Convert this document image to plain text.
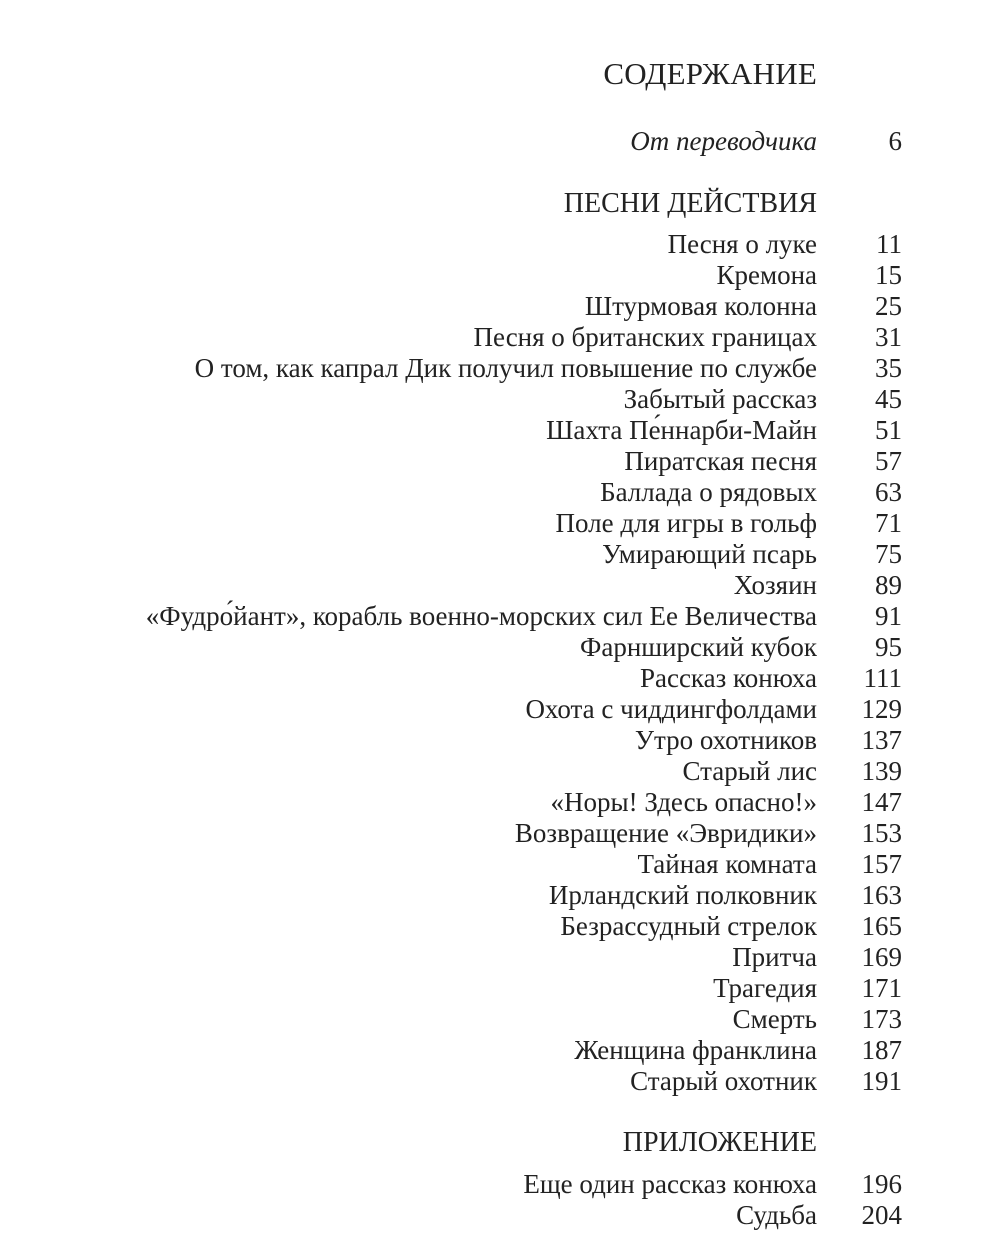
СОДЕРЖАНИЕ
От переводчика	6
ПЕСНИ ДЕЙСТВИЯ
Песня о луке 11
Кремона 15
Штурмовая колонна 25
Песня о британских границах 31
О том, как капрал Дик получил повышение по службе 35
Забытый рассказ 45
Шахта Пе́ннарби-Майн 51
Пиратская песня 57
Баллада о рядовых 63
Поле для игры в гольф 71
Умирающий псарь 75
Хозяин 89
«Фудро́йант», корабль военно-морских сил Ее Величества 91
Фарнширский кубок 95
Рассказ конюха 111
Охота с чиддингфолдами 129
Утро охотников 137
Старый лис 139
«Норы! Здесь опасно!» 147
Возвращение «Эвридики» 153
Тайная комната 157
Ирландский полковник 163
Безрассудный стрелок 165
Притча 169
Трагедия 171
Смерть 173
Женщина франклина 187
Старый охотник 191
ПРИЛОЖЕНИЕ
Еще один рассказ конюха 196
Судьба 204
